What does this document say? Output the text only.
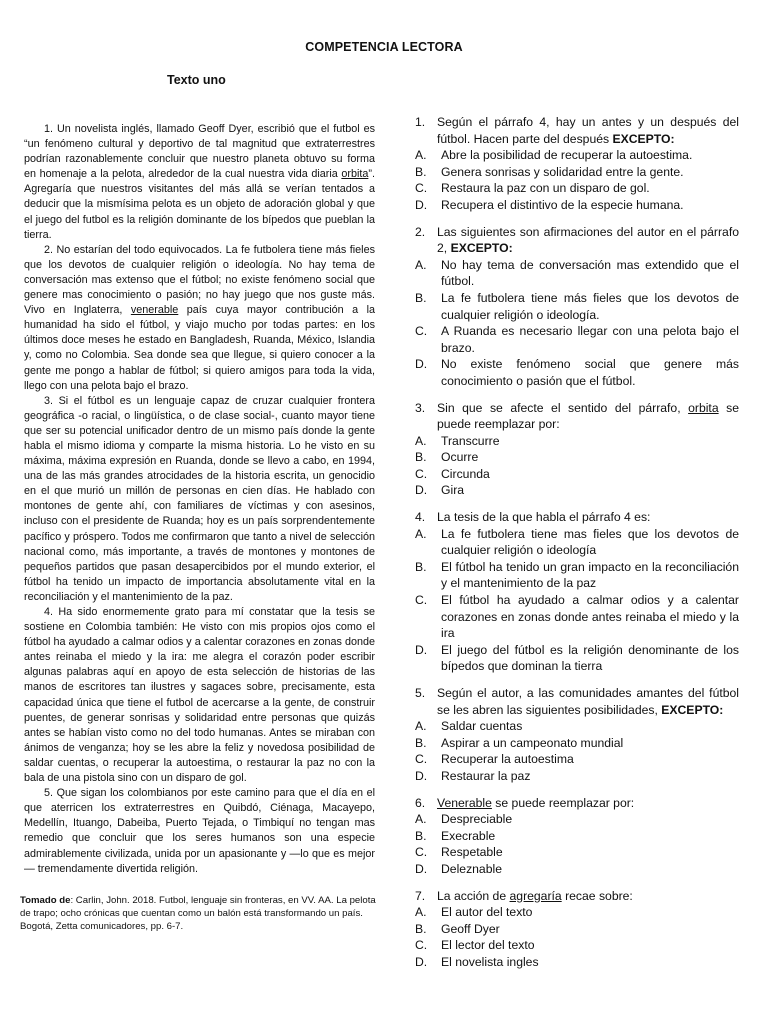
COMPETENCIA LECTORA
Texto uno

1. Un novelista inglés, llamado Geoff Dyer, escribió que el futbol es “un fenómeno cultural y deportivo de tal magnitud que extraterrestres podrían razonablemente concluir que nuestro planeta obtuvo su forma en homenaje a la pelota, alrededor de la cual nuestra vida diaria orbita”. Agregaría que nuestros visitantes del más allá se verían tentados a deducir que la mismísima pelota es un objeto de adoración global y que el juego del futbol es la religión dominante de los bípedos que pueblan la tierra.

2. No estarían del todo equivocados. La fe futbolera tiene más fieles que los devotos de cualquier religión o ideología. No hay tema de conversación mas extenso que el fútbol; no existe fenómeno social que genere mas conocimiento o pasión; no hay juego que nos guste más. Vivo en Inglaterra, venerable país cuya mayor contribución a la humanidad ha sido el fútbol, y viajo mucho por todas partes: en los últimos doce meses he estado en Bangladesh, Ruanda, México, Islandia y, como no Colombia. Sea donde sea que llegue, si quiero conocer a la gente me pongo a hablar de fútbol; si quiero amigos para toda la vida, llego con una pelota bajo el brazo.

3. Si el fútbol es un lenguaje capaz de cruzar cualquier frontera geográfica -o racial, o lingüística, o de clase social-, cuanto mayor tiene que ser su potencial unificador dentro de un mismo país donde la gente habla el mismo idioma y comparte la misma historia. Lo he visto en su máxima, máxima expresión en Ruanda, donde se llevo a cabo, en 1994, una de las más grandes atrocidades de la historia escrita, un genocidio en el que murió un millón de personas en cien días. He hablado con montones de gente ahí, con familiares de víctimas y con asesinos, incluso con el presidente de Ruanda; hoy es un país sorprendentemente pacífico y próspero. Todos me confirmaron que tanto a nivel de selección nacional como, más importante, a través de montones y montones de pequeños partidos que pasan desapercibidos por el mundo exterior, el fútbol ha tenido un impacto de importancia absolutamente vital en la reconciliación y el mantenimiento de la paz.

4. Ha sido enormemente grato para mí constatar que la tesis se sostiene en Colombia también: He visto con mis propios ojos como el fútbol ha ayudado a calmar odios y a calentar corazones en zonas donde antes reinaba el miedo y la ira: me alegra el corazón poder escribir algunas palabras aquí en apoyo de esta selección de historias de las manos de escritores tan ilustres y sagaces sobre, precisamente, esta capacidad única que tiene el futbol de acercarse a la gente, de construir puentes, de generar sonrisas y solidaridad entre personas que quizás antes se habían visto como no del todo humanas. Antes se miraban con ánimos de venganza; hoy se les abre la feliz y novedosa posibilidad de saldar cuentas, o recuperar la autoestima, o restaurar la paz no con la bala de una pistola sino con un disparo de gol.

5. Que sigan los colombianos por este camino para que el día en el que aterricen los extraterrestres en Quibdó, Ciénaga, Macayepo, Medellín, Ituango, Dabeiba, Puerto Tejada, o Timbiquí no tengan mas remedio que concluir que los seres humanos son una especie admirablemente civilizada, unida por un apasionante y —lo que es mejor— tremendamente divertida religión.

Tomado de: Carlin, John. 2018. Futbol, lenguaje sin fronteras, en VV. AA. La pelota de trapo; ocho crónicas que cuentan como un balón está transformando un país. Bogotá, Zetta comunicadores, pp. 6-7.
1. Según el párrafo 4, hay un antes y un después del fútbol. Hacen parte del después EXCEPTO:
A.	Abre la posibilidad de recuperar la autoestima.
B.	Genera sonrisas y solidaridad entre la gente.
C.	Restaura la paz con un disparo de gol.
D.	Recupera el distintivo de la especie humana.
2. Las siguientes son afirmaciones del autor en el párrafo 2, EXCEPTO:
A.	No hay tema de conversación mas extendido que el fútbol.
B.	La fe futbolera tiene más fieles que los devotos de cualquier religión o ideología.
C.	A Ruanda es necesario llegar con una pelota bajo el brazo.
D.	No existe fenómeno social que genere más conocimiento o pasión que el fútbol.
3. Sin que se afecte el sentido del párrafo, orbita se puede reemplazar por:
A.	Transcurre
B.	Ocurre
C.	Circunda
D.	Gira
4. La tesis de la que habla el párrafo 4 es:
A.	La fe futbolera tiene mas fieles que los devotos de cualquier religión o ideología
B.	El fútbol ha tenido un gran impacto en la reconciliación y el mantenimiento de la paz
C.	El fútbol ha ayudado a calmar odios y a calentar corazones en zonas donde antes reinaba el miedo y la ira
D.	El juego del fútbol es la religión denominante de los bípedos que dominan la tierra
5. Según el autor, a las comunidades amantes del fútbol se les abren las siguientes posibilidades, EXCEPTO:
A.	Saldar cuentas
B.	Aspirar a un campeonato mundial
C.	Recuperar la autoestima
D.	Restaurar la paz
6. Venerable se puede reemplazar por:
A.	Despreciable
B.	Execrable
C.	Respetable
D.	Deleznable
7. La acción de agregaría recae sobre:
A.	El autor del texto
B.	Geoff Dyer
C.	El lector del texto
D.	El novelista ingles
